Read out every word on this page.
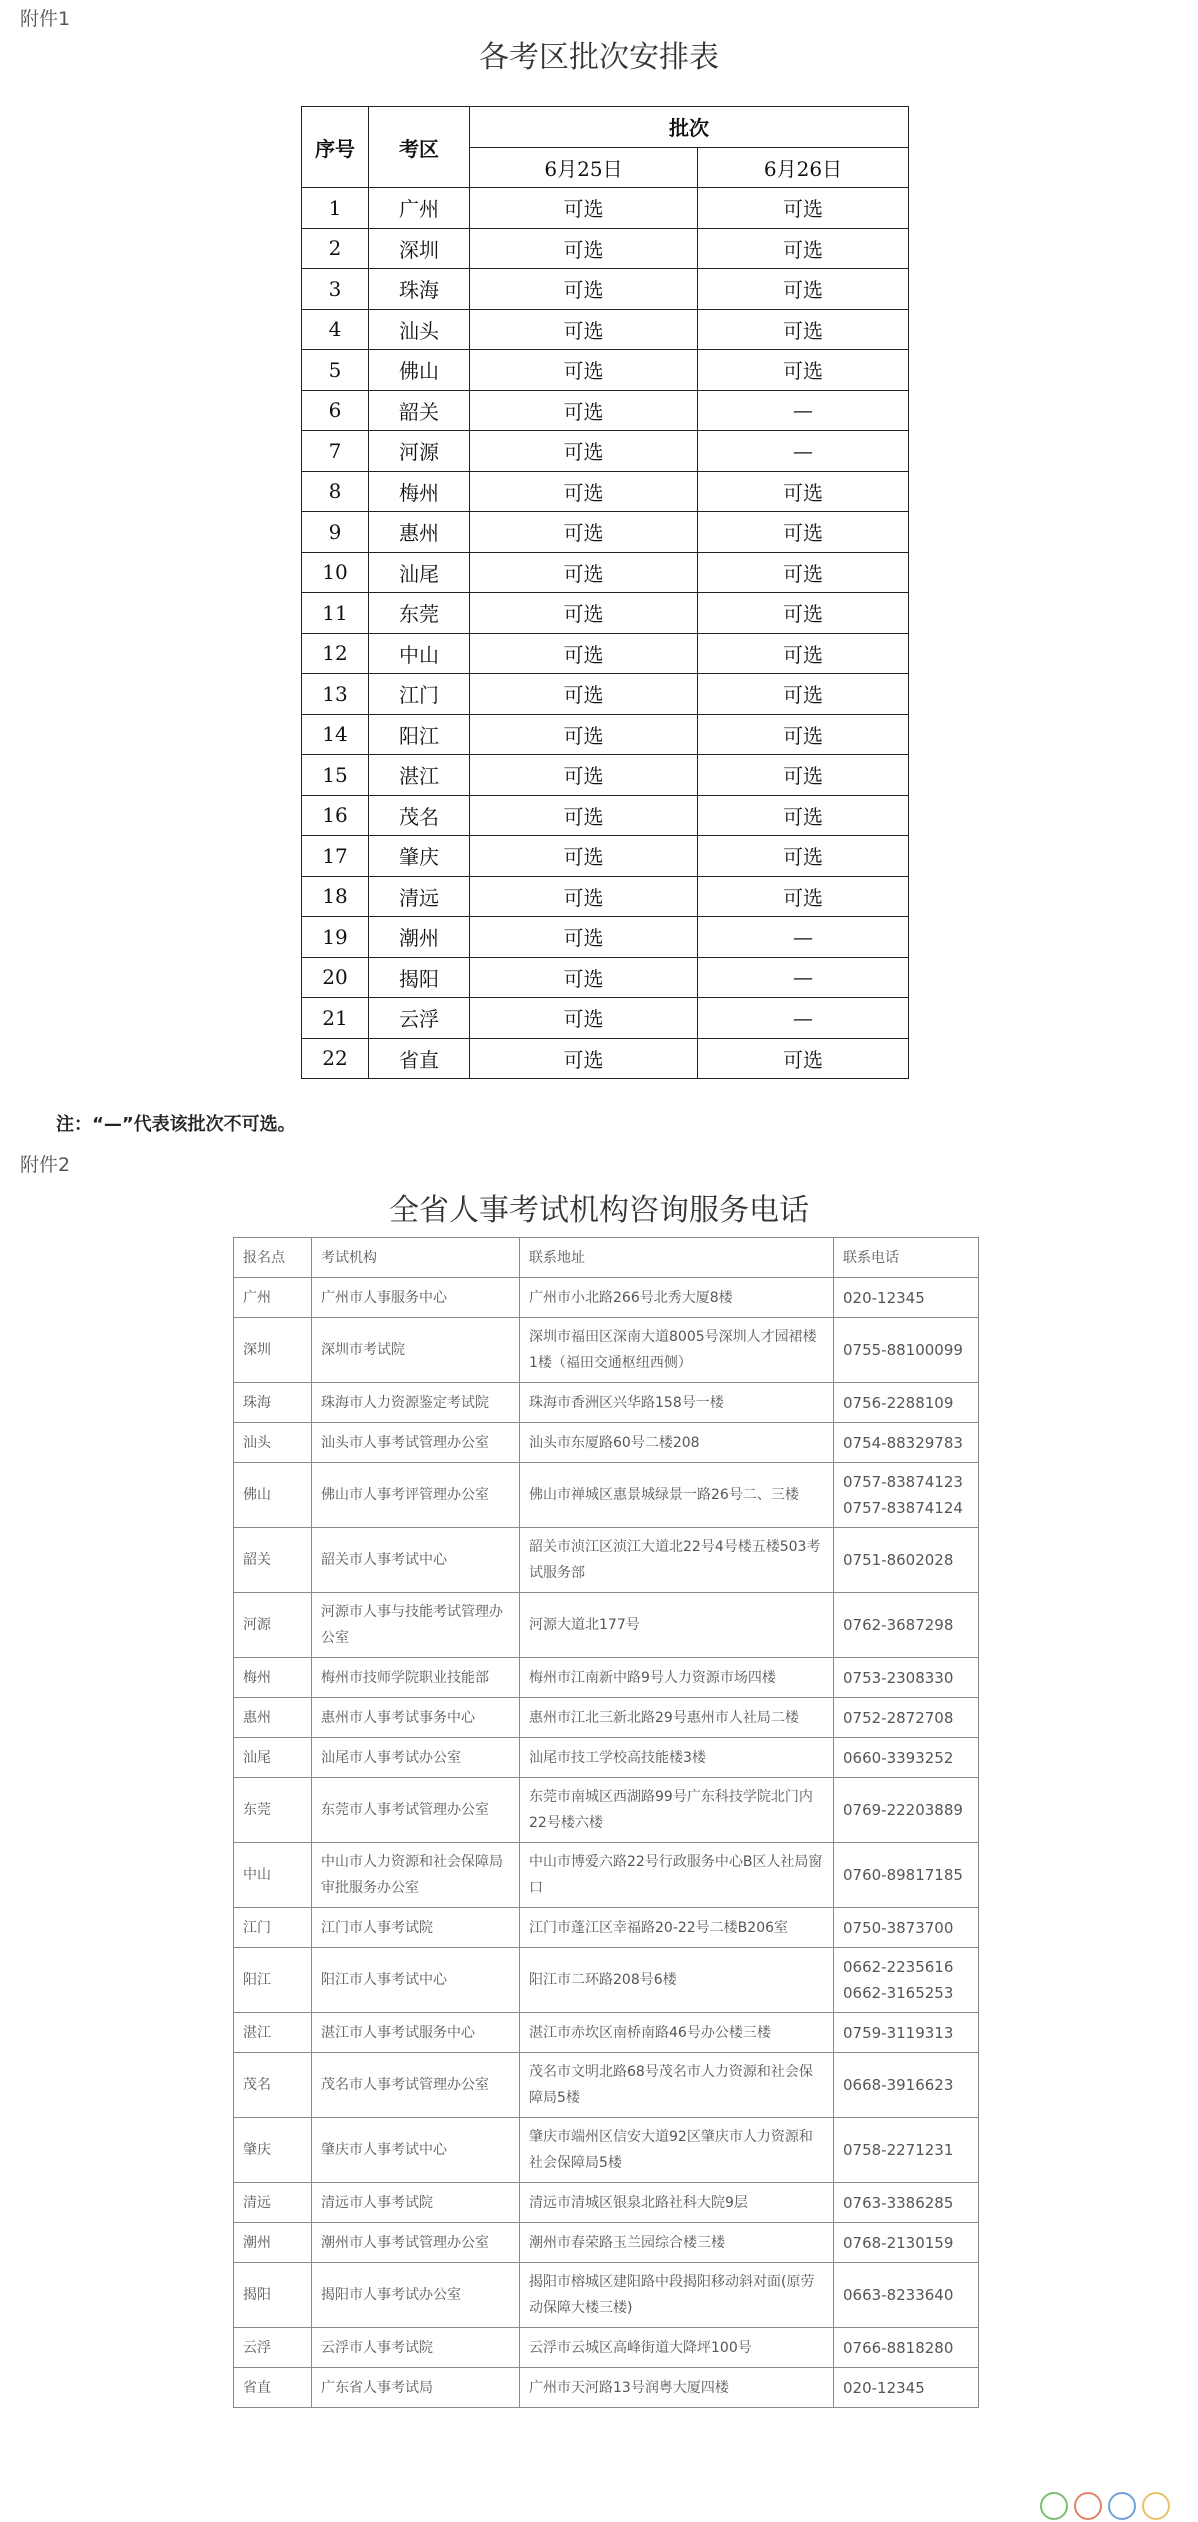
附件1
各考区批次安排表
序号	考区	批次	
		6月25日	6月26日
1	广州	可选	可选
2	深圳	可选	可选
3	珠海	可选	可选
4	汕头	可选	可选
5	佛山	可选	可选
6	韶关	可选	—
7	河源	可选	—
8	梅州	可选	可选
9	惠州	可选	可选
10	汕尾	可选	可选
11	东莞	可选	可选
12	中山	可选	可选
13	江门	可选	可选
14	阳江	可选	可选
15	湛江	可选	可选
16	茂名	可选	可选
17	肇庆	可选	可选
18	清远	可选	可选
19	潮州	可选	—
20	揭阳	可选	—
21	云浮	可选	—
22	省直	可选	可选
注：“—”代表该批次不可选。
附件2
全省人事考试机构咨询服务电话
报名点	考试机构	联系地址	联系电话
广州	广州市人事服务中心	广州市小北路266号北秀大厦8楼	020-12345
深圳	深圳市考试院	深圳市福田区深南大道8005号深圳人才园裙楼1楼（福田交通枢纽西侧）	0755-88100099
珠海	珠海市人力资源鉴定考试院	珠海市香洲区兴华路158号一楼	0756-2288109
汕头	汕头市人事考试管理办公室	汕头市东厦路60号二楼208	0754-88329783
佛山	佛山市人事考评管理办公室	佛山市禅城区惠景城绿景一路26号二、三楼	0757-83874123
0757-83874124
韶关	韶关市人事考试中心	韶关市浈江区浈江大道北22号4号楼五楼503考试服务部	0751-8602028
河源	河源市人事与技能考试管理办公室	河源大道北177号	0762-3687298
梅州	梅州市技师学院职业技能部	梅州市江南新中路9号人力资源市场四楼	0753-2308330
惠州	惠州市人事考试事务中心	惠州市江北三新北路29号惠州市人社局二楼	0752-2872708
汕尾	汕尾市人事考试办公室	汕尾市技工学校高技能楼3楼	0660-3393252
东莞	东莞市人事考试管理办公室	东莞市南城区西湖路99号广东科技学院北门内22号楼六楼	0769-22203889
中山	中山市人力资源和社会保障局审批服务办公室	中山市博爱六路22号行政服务中心B区人社局窗口	0760-89817185
江门	江门市人事考试院	江门市蓬江区幸福路20-22号二楼B206室	0750-3873700
阳江	阳江市人事考试中心	阳江市二环路208号6楼	0662-2235616
0662-3165253
湛江	湛江市人事考试服务中心	湛江市赤坎区南桥南路46号办公楼三楼	0759-3119313
茂名	茂名市人事考试管理办公室	茂名市文明北路68号茂名市人力资源和社会保障局5楼	0668-3916623
肇庆	肇庆市人事考试中心	肇庆市端州区信安大道92区肇庆市人力资源和社会保障局5楼	0758-2271231
清远	清远市人事考试院	清远市清城区银泉北路社科大院9层	0763-3386285
潮州	潮州市人事考试管理办公室	潮州市春荣路玉兰园综合楼三楼	0768-2130159
揭阳	揭阳市人事考试办公室	揭阳市榕城区建阳路中段揭阳移动斜对面(原劳动保障大楼三楼)	0663-8233640
云浮	云浮市人事考试院	云浮市云城区高峰街道大降坪100号	0766-8818280
省直	广东省人事考试局	广州市天河路13号润粤大厦四楼	020-12345
